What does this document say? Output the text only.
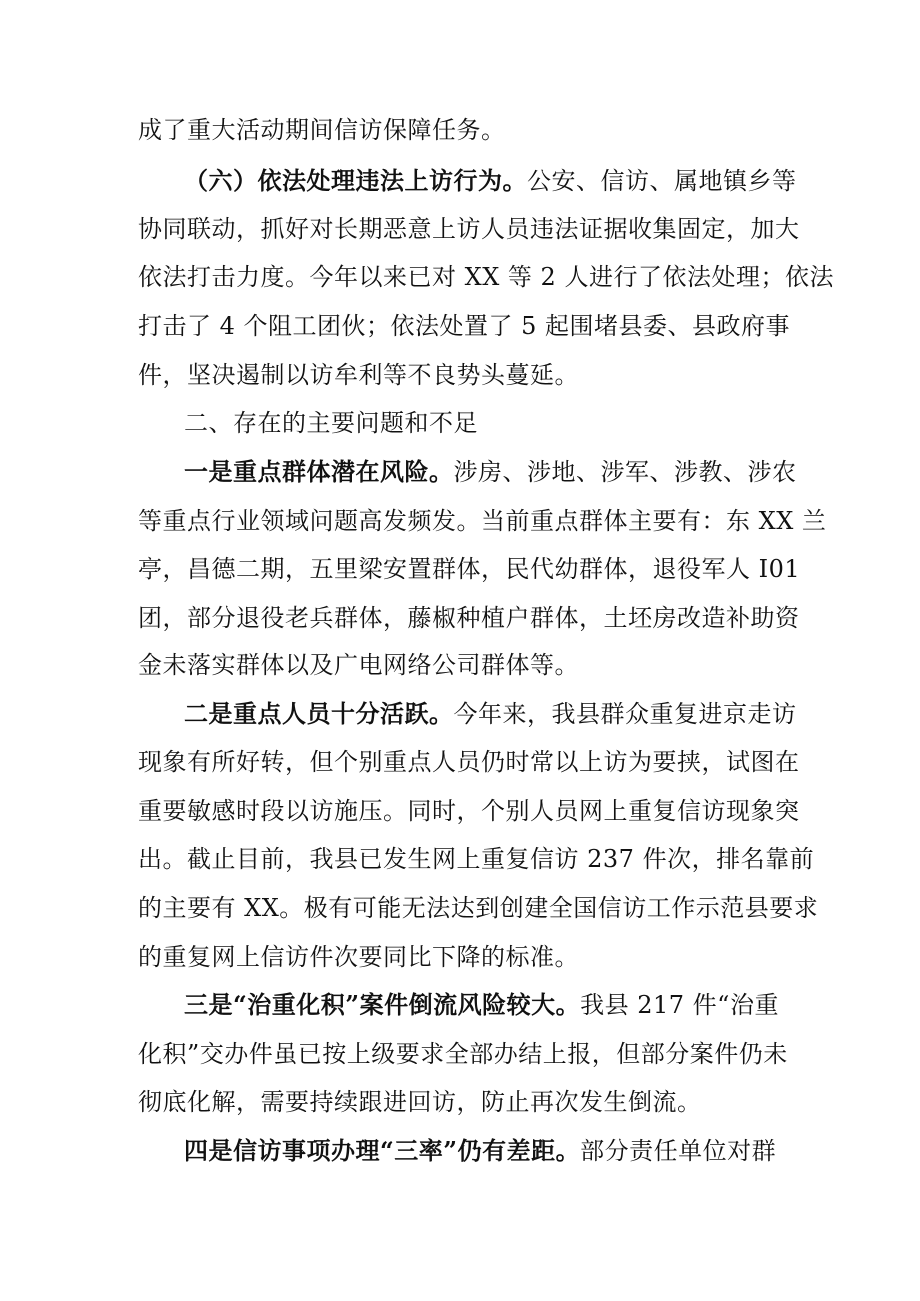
成了重大活动期间信访保障任务。
（六）依法处理违法上访行为。公安、信访、属地镇乡等
协同联动，抓好对长期恶意上访人员违法证据收集固定，加大
依法打击力度。今年以来已对 XX 等 2 人进行了依法处理；依法
打击了 4 个阻工团伙；依法处置了 5 起围堵县委、县政府事
件，坚决遏制以访牟利等不良势头蔓延。
二、存在的主要问题和不足
一是重点群体潜在风险。涉房、涉地、涉军、涉教、涉农
等重点行业领域问题高发频发。当前重点群体主要有：东 XX 兰
亭，昌德二期，五里梁安置群体，民代幼群体，退役军人 I01
团，部分退役老兵群体，藤椒种植户群体，土坯房改造补助资
金未落实群体以及广电网络公司群体等。
二是重点人员十分活跃。今年来，我县群众重复进京走访
现象有所好转，但个别重点人员仍时常以上访为要挟，试图在
重要敏感时段以访施压。同时，个别人员网上重复信访现象突
出。截止目前，我县已发生网上重复信访 237 件次，排名靠前
的主要有 XX。极有可能无法达到创建全国信访工作示范县要求
的重复网上信访件次要同比下降的标准。
三是“治重化积”案件倒流风险较大。我县 217 件“治重
化积”交办件虽已按上级要求全部办结上报，但部分案件仍未
彻底化解，需要持续跟进回访，防止再次发生倒流。
四是信访事项办理“三率”仍有差距。部分责任单位对群
